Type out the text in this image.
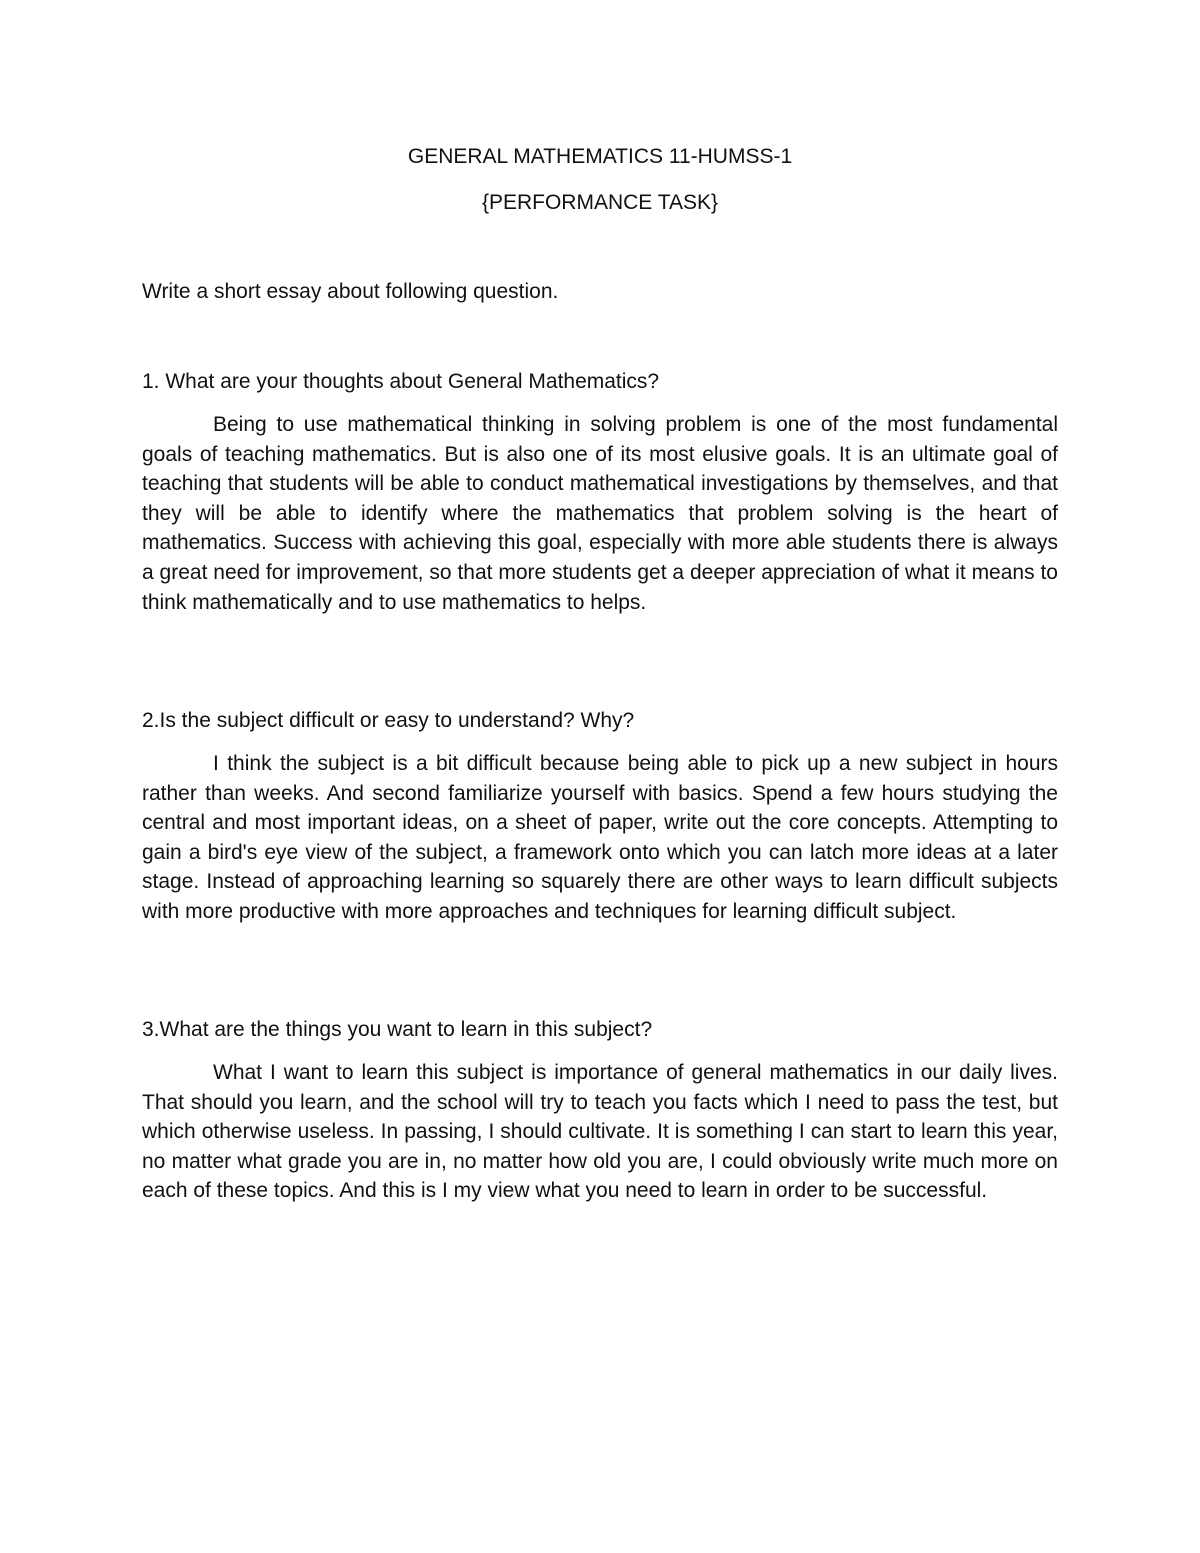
GENERAL MATHEMATICS 11-HUMSS-1
{PERFORMANCE TASK}

Write a short essay about following question.

1. What are your thoughts about General Mathematics?

Being to use mathematical thinking in solving problem is one of the most fundamental goals of teaching mathematics. But is also one of its most elusive goals. It is an ultimate goal of teaching that students will be able to conduct mathematical investigations by themselves, and that they will be able to identify where the mathematics that problem solving is the heart of mathematics. Success with achieving this goal, especially with more able students there is always a great need for improvement, so that more students get a deeper appreciation of what it means to think mathematically and to use mathematics to helps.

2.Is the subject difficult or easy to understand? Why?

I think the subject is a bit difficult because being able to pick up a new subject in hours rather than weeks. And second familiarize yourself with basics. Spend a few hours studying the central and most important ideas, on a sheet of paper, write out the core concepts. Attempting to gain a bird's eye view of the subject, a framework onto which you can latch more ideas at a later stage. Instead of approaching learning so squarely there are other ways to learn difficult subjects with more productive with more approaches and techniques for learning difficult subject.

3.What are the things you want to learn in this subject?

What I want to learn this subject is importance of general mathematics in our daily lives. That should you learn, and the school will try to teach you facts which I need to pass the test, but which otherwise useless. In passing, I should cultivate. It is something I can start to learn this year, no matter what grade you are in, no matter how old you are, I could obviously write much more on each of these topics. And this is I my view what you need to learn in order to be successful.
